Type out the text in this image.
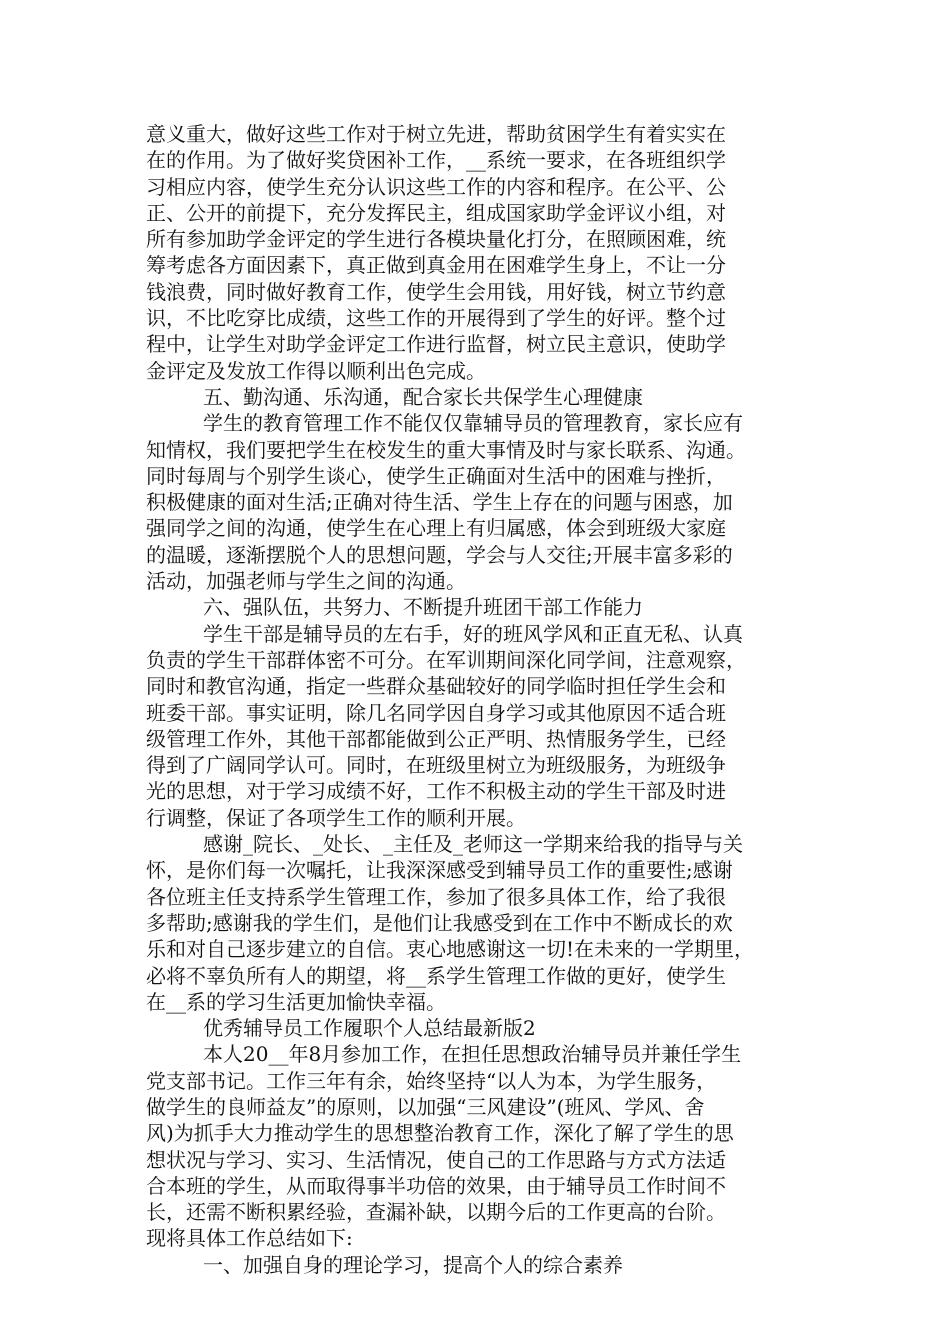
意义重大，做好这些工作对于树立先进，帮助贫困学生有着实实在
在的作用。为了做好奖贷困补工作，__系统一要求，在各班组织学
习相应内容，使学生充分认识这些工作的内容和程序。在公平、公
正、公开的前提下，充分发挥民主，组成国家助学金评议小组，对
所有参加助学金评定的学生进行各模块量化打分，在照顾困难，统
筹考虑各方面因素下，真正做到真金用在困难学生身上，不让一分
钱浪费，同时做好教育工作，使学生会用钱，用好钱，树立节约意
识，不比吃穿比成绩，这些工作的开展得到了学生的好评。整个过
程中，让学生对助学金评定工作进行监督，树立民主意识，使助学
金评定及发放工作得以顺利出色完成。
五、勤沟通、乐沟通，配合家长共保学生心理健康
学生的教育管理工作不能仅仅靠辅导员的管理教育，家长应有
知情权，我们要把学生在校发生的重大事情及时与家长联系、沟通。
同时每周与个别学生谈心，使学生正确面对生活中的困难与挫折，
积极健康的面对生活;正确对待生活、学生上存在的问题与困惑，加
强同学之间的沟通，使学生在心理上有归属感，体会到班级大家庭
的温暖，逐渐摆脱个人的思想问题，学会与人交往;开展丰富多彩的
活动，加强老师与学生之间的沟通。
六、强队伍，共努力、不断提升班团干部工作能力
学生干部是辅导员的左右手，好的班风学风和正直无私、认真
负责的学生干部群体密不可分。在军训期间深化同学间，注意观察，
同时和教官沟通，指定一些群众基础较好的同学临时担任学生会和
班委干部。事实证明，除几名同学因自身学习或其他原因不适合班
级管理工作外，其他干部都能做到公正严明、热情服务学生，已经
得到了广阔同学认可。同时，在班级里树立为班级服务，为班级争
光的思想，对于学习成绩不好，工作不积极主动的学生干部及时进
行调整，保证了各项学生工作的顺利开展。
感谢_院长、_处长、_主任及_老师这一学期来给我的指导与关
怀，是你们每一次嘱托，让我深深感受到辅导员工作的重要性;感谢
各位班主任支持系学生管理工作，参加了很多具体工作，给了我很
多帮助;感谢我的学生们，是他们让我感受到在工作中不断成长的欢
乐和对自己逐步建立的自信。衷心地感谢这一切!在未来的一学期里，
必将不辜负所有人的期望，将__系学生管理工作做的更好，使学生
在__系的学习生活更加愉快幸福。
优秀辅导员工作履职个人总结最新版2
本人20__年8月参加工作，在担任思想政治辅导员并兼任学生
党支部书记。工作三年有余，始终坚持“以人为本，为学生服务，
做学生的良师益友”的原则，以加强“三风建设”(班风、学风、舍
风)为抓手大力推动学生的思想整治教育工作，深化了解了学生的思
想状况与学习、实习、生活情况，使自己的工作思路与方式方法适
合本班的学生，从而取得事半功倍的效果，由于辅导员工作时间不
长，还需不断积累经验，查漏补缺，以期今后的工作更高的台阶。
现将具体工作总结如下:
一、加强自身的理论学习，提高个人的综合素养
